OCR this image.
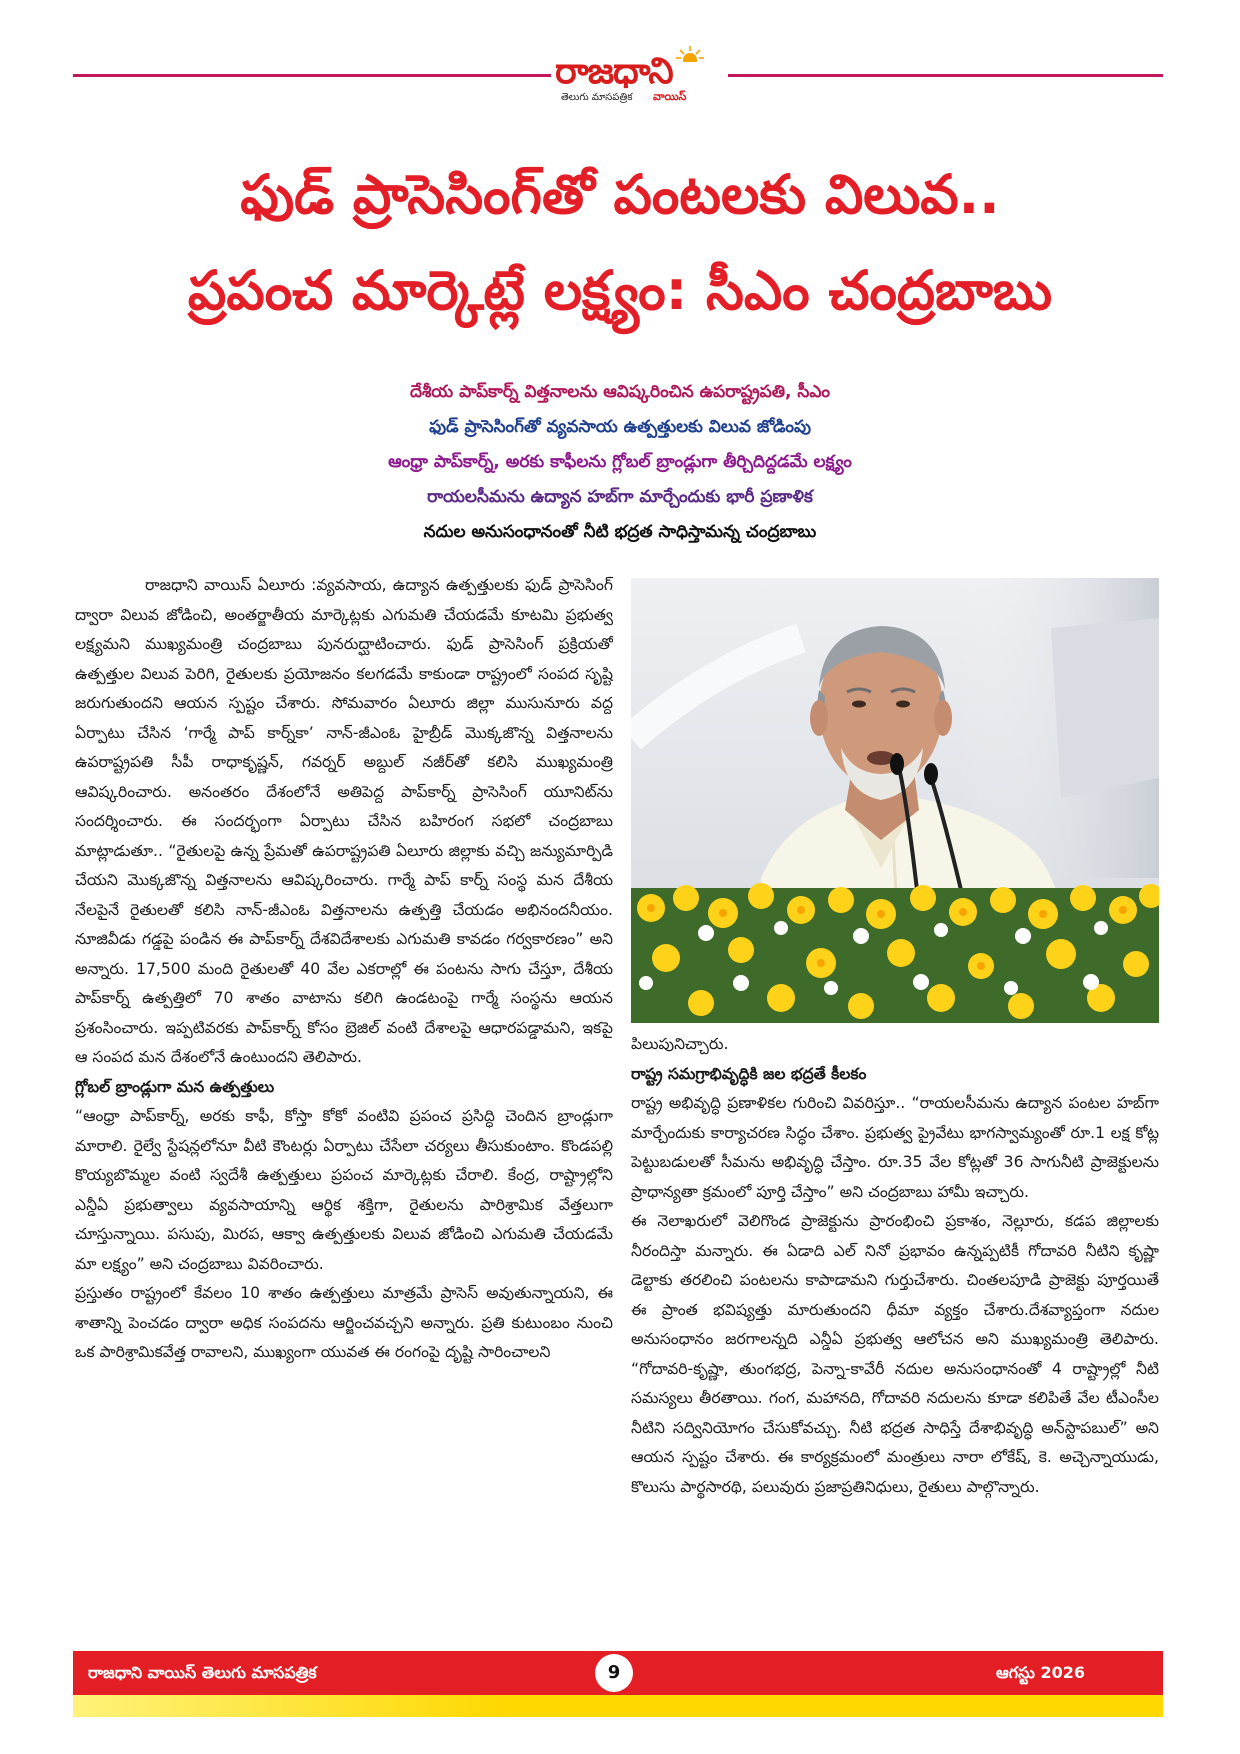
రాజధాని
తెలుగు మాసపత్రిక వాయిస్
ఫుడ్ ప్రాసెసింగ్‌తో పంటలకు విలువ..
ప్రపంచ మార్కెట్లే లక్ష్యం: సీఎం చంద్రబాబు
దేశీయ పాప్‌కార్న్ విత్తనాలను ఆవిష్కరించిన ఉపరాష్ట్రపతి, సీఎం
ఫుడ్ ప్రాసెసింగ్‌తో వ్యవసాయ ఉత్పత్తులకు విలువ జోడింపు
ఆంధ్రా పాప్‌కార్న్, అరకు కాఫీలను గ్లోబల్ బ్రాండ్లుగా తీర్చిదిద్దడమే లక్ష్యం
రాయలసీమను ఉద్యాన హబ్‌గా మార్చేందుకు భారీ ప్రణాళిక
నదుల అనుసంధానంతో నీటి భద్రత సాధిస్తామన్న చంద్రబాబు

రాజధాని వాయిస్ ఏలూరు :వ్యవసాయ, ఉద్యాన ఉత్పత్తులకు ఫుడ్ ప్రాసెసింగ్ ద్వారా విలువ జోడించి, అంతర్జాతీయ మార్కెట్లకు ఎగుమతి చేయడమే కూటమి ప్రభుత్వ లక్ష్యమని ముఖ్యమంత్రి చంద్రబాబు పునరుద్ఘాటించారు. ఫుడ్ ప్రాసెసింగ్ ప్రక్రియతో ఉత్పత్తుల విలువ పెరిగి, రైతులకు ప్రయోజనం కలగడమే కాకుండా రాష్ట్రంలో సంపద సృష్టి జరుగుతుందని ఆయన స్పష్టం చేశారు. సోమవారం ఏలూరు జిల్లా ముసునూరు వద్ద ఏర్పాటు చేసిన ‘గార్మే పాప్ కార్న్‌కా’ నాన్-జీఎంఓ హైబ్రీడ్ మొక్కజొన్న విత్తనాలను ఉపరాష్ట్రపతి సీపీ రాధాకృష్ణన్, గవర్నర్ అబ్దుల్ నజీర్‌తో కలిసి ముఖ్యమంత్రి ఆవిష్కరించారు. అనంతరం దేశంలోనే అతిపెద్ద పాప్‌కార్న్ ప్రాసెసింగ్ యూనిట్‌ను సందర్శించారు. ఈ సందర్భంగా ఏర్పాటు చేసిన బహిరంగ సభలో చంద్రబాబు మాట్లాడుతూ.. “రైతులపై ఉన్న ప్రేమతో ఉపరాష్ట్రపతి ఏలూరు జిల్లాకు వచ్చి జన్యుమార్పిడి చేయని మొక్కజొన్న విత్తనాలను ఆవిష్కరించారు. గార్మే పాప్ కార్న్ సంస్థ మన దేశీయ నేలపైనే రైతులతో కలిసి నాన్-జీఎంఓ విత్తనాలను ఉత్పత్తి చేయడం అభినందనీయం. నూజివీడు గడ్డపై పండిన ఈ పాప్‌కార్న్ దేశవిదేశాలకు ఎగుమతి కావడం గర్వకారణం” అని అన్నారు. 17,500 మంది రైతులతో 40 వేల ఎకరాల్లో ఈ పంటను సాగు చేస్తూ, దేశీయ పాప్‌కార్న్ ఉత్పత్తిలో 70 శాతం వాటాను కలిగి ఉండటంపై గార్మే సంస్థను ఆయన ప్రశంసించారు. ఇప్పటివరకు పాప్‌కార్న్ కోసం బ్రెజిల్ వంటి దేశాలపై ఆధారపడ్డామని, ఇకపై ఆ సంపద మన దేశంలోనే ఉంటుందని తెలిపారు.

గ్లోబల్ బ్రాండ్లుగా మన ఉత్పత్తులు

“ఆంధ్రా పాప్‌కార్న్, అరకు కాఫీ, కోస్తా కోకో వంటివి ప్రపంచ ప్రసిద్ధి చెందిన బ్రాండ్లుగా మారాలి. రైల్వే స్టేషన్లలోనూ వీటి కౌంటర్లు ఏర్పాటు చేసేలా చర్యలు తీసుకుంటాం. కొండపల్లి కొయ్యబొమ్మల వంటి స్వదేశీ ఉత్పత్తులు ప్రపంచ మార్కెట్లకు చేరాలి. కేంద్ర, రాష్ట్రాల్లోని ఎన్డీఏ ప్రభుత్వాలు వ్యవసాయాన్ని ఆర్థిక శక్తిగా, రైతులను పారిశ్రామిక వేత్తలుగా చూస్తున్నాయి. పసుపు, మిరప, ఆక్వా ఉత్పత్తులకు విలువ జోడించి ఎగుమతి చేయడమే మా లక్ష్యం” అని చంద్రబాబు వివరించారు.

ప్రస్తుతం రాష్ట్రంలో కేవలం 10 శాతం ఉత్పత్తులు మాత్రమే ప్రాసెస్ అవుతున్నాయని, ఈ శాతాన్ని పెంచడం ద్వారా అధిక సంపదను ఆర్జించవచ్చని అన్నారు. ప్రతి కుటుంబం నుంచి ఒక పారిశ్రామికవేత్త రావాలని, ముఖ్యంగా యువత ఈ రంగంపై దృష్టి సారించాలని

పిలుపునిచ్చారు.

రాష్ట్ర సమగ్రాభివృద్ధికి జల భద్రతే కీలకం

రాష్ట్ర అభివృద్ధి ప్రణాళికల గురించి వివరిస్తూ.. “రాయలసీమను ఉద్యాన పంటల హబ్‌గా మార్చేందుకు కార్యాచరణ సిద్ధం చేశాం. ప్రభుత్వ ప్రైవేటు భాగస్వామ్యంతో రూ.1 లక్ష కోట్ల పెట్టుబడులతో సీమను అభివృద్ధి చేస్తాం. రూ.35 వేల కోట్లతో 36 సాగునీటి ప్రాజెక్టులను ప్రాధాన్యతా క్రమంలో పూర్తి చేస్తాం” అని చంద్రబాబు హామీ ఇచ్చారు.

ఈ నెలాఖరులో వెలిగొండ ప్రాజెక్టును ప్రారంభించి ప్రకాశం, నెల్లూరు, కడప జిల్లాలకు నీరందిస్తా మన్నారు. ఈ ఏడాది ఎల్ నినో ప్రభావం ఉన్నప్పటికీ గోదావరి నీటిని కృష్ణా డెల్టాకు తరలించి పంటలను కాపాడామని గుర్తుచేశారు. చింతలపూడి ప్రాజెక్టు పూర్తయితే ఈ ప్రాంత భవిష్యత్తు మారుతుందని ధీమా వ్యక్తం చేశారు.దేశవ్యాప్తంగా నదుల అనుసంధానం జరగాలన్నది ఎన్డీఏ ప్రభుత్వ ఆలోచన అని ముఖ్యమంత్రి తెలిపారు. “గోదావరి-కృష్ణా, తుంగభద్ర, పెన్నా-కావేరీ నదుల అనుసంధానంతో 4 రాష్ట్రాల్లో నీటి సమస్యలు తీరతాయి. గంగ, మహానది, గోదావరి నదులను కూడా కలిపితే వేల టీఎంసీల నీటిని సద్వినియోగం చేసుకోవచ్చు. నీటి భద్రత సాధిస్తే దేశాభివృద్ధి అన్‌స్టాపబుల్” అని ఆయన స్పష్టం చేశారు. ఈ కార్యక్రమంలో మంత్రులు నారా లోకేష్, కె. అచ్చెన్నాయుడు, కొలుసు పార్థసారథి, పలువురు ప్రజాప్రతినిధులు, రైతులు పాల్గొన్నారు.

రాజధాని వాయిస్ తెలుగు మాసపత్రిక	9	ఆగస్టు 2026
